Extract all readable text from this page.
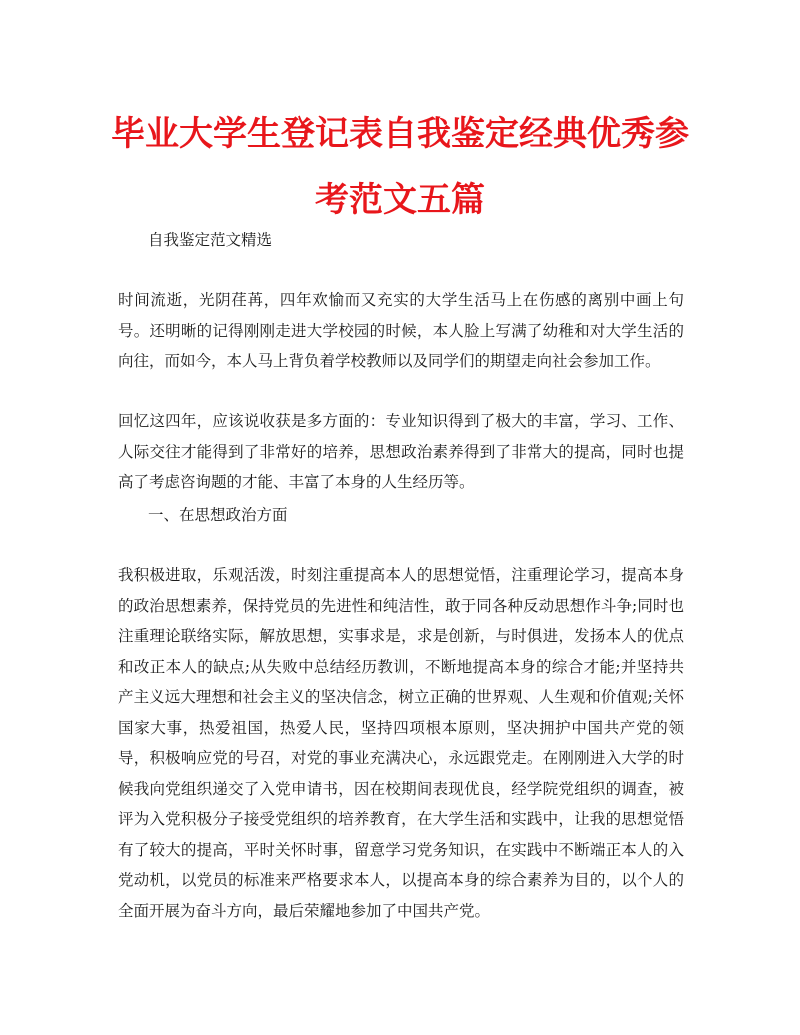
毕业大学生登记表自我鉴定经典优秀参考范文五篇
自我鉴定范文精选

时间流逝，光阴荏苒，四年欢愉而又充实的大学生活马上在伤感的离别中画上句号。还明晰的记得刚刚走进大学校园的时候，本人脸上写满了幼稚和对大学生活的向往，而如今，本人马上背负着学校教师以及同学们的期望走向社会参加工作。

回忆这四年，应该说收获是多方面的：专业知识得到了极大的丰富，学习、工作、人际交往才能得到了非常好的培养，思想政治素养得到了非常大的提高，同时也提高了考虑咨询题的才能、丰富了本身的人生经历等。

一、在思想政治方面

我积极进取，乐观活泼，时刻注重提高本人的思想觉悟，注重理论学习，提高本身的政治思想素养，保持党员的先进性和纯洁性，敢于同各种反动思想作斗争;同时也注重理论联络实际，解放思想，实事求是，求是创新，与时俱进，发扬本人的优点和改正本人的缺点;从失败中总结经历教训，不断地提高本身的综合才能;并坚持共产主义远大理想和社会主义的坚决信念，树立正确的世界观、人生观和价值观;关怀国家大事，热爱祖国，热爱人民，坚持四项根本原则，坚决拥护中国共产党的领导，积极响应党的号召，对党的事业充满决心，永远跟党走。在刚刚进入大学的时候我向党组织递交了入党申请书，因在校期间表现优良，经学院党组织的调查，被评为入党积极分子接受党组织的培养教育，在大学生活和实践中，让我的思想觉悟有了较大的提高，平时关怀时事，留意学习党务知识，在实践中不断端正本人的入党动机，以党员的标准来严格要求本人，以提高本身的综合素养为目的，以个人的全面开展为奋斗方向，最后荣耀地参加了中国共产党。
